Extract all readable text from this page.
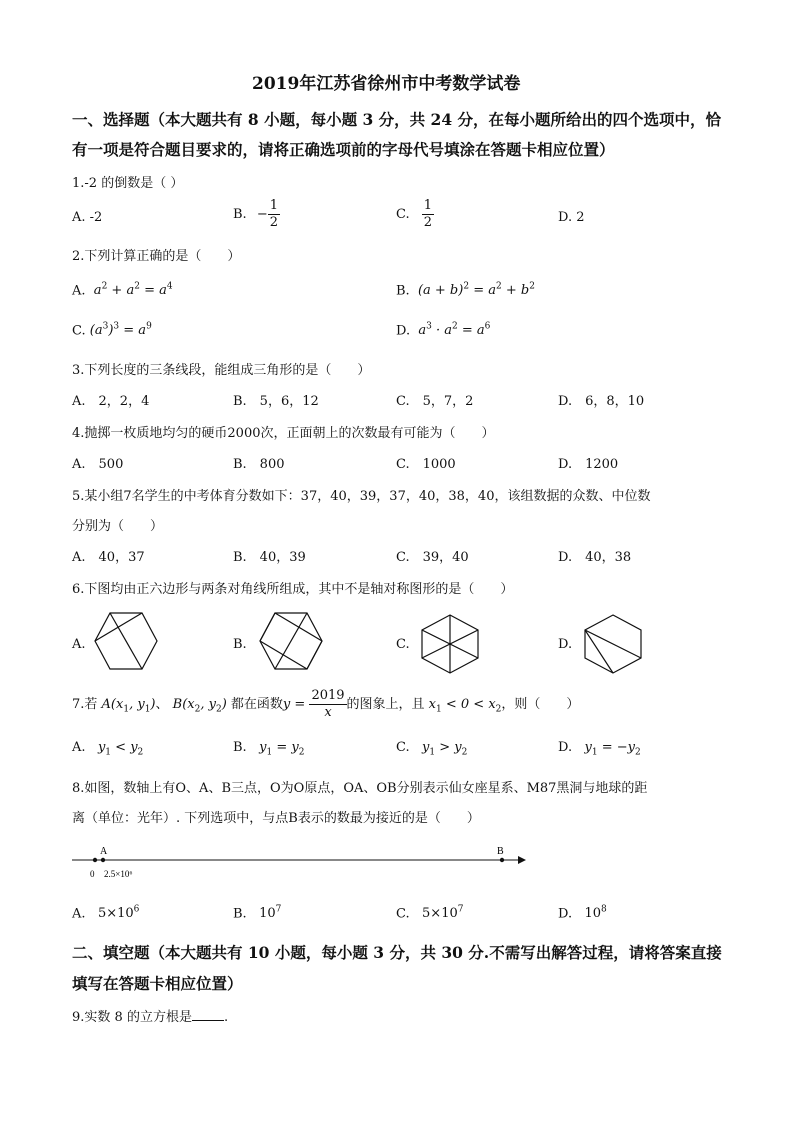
2019年江苏省徐州市中考数学试卷
一、选择题（本大题共有 8 小题，每小题 3 分，共 24 分，在每小题所给出的四个选项中，恰
有一项是符合题目要求的，请将正确选项前的字母代号填涂在答题卡相应位置）
1.-2 的倒数是（ ）
A. -2	B. − $\frac{1}{2}$	C. $\frac{1}{2}$	D. 2
2.下列计算正确的是（　　）
A. $a^2 + a^2 = a^4$	B. $(a + b)^2 = a^2 + b^2$
C. $(a^3)^3 = a^9$	D. $a^3 \cdot a^2 = a^6$
3.下列长度的三条线段，能组成三角形的是（　　）
A.　2，2，4	B.　5，6，12	C.　5，7，2	D.　6，8，10
4.抛掷一枚质地均匀的硬币2000次，正面朝上的次数最有可能为（　　）
A.　500	B.　800	C.　1000	D.　1200
5.某小组7名学生的中考体育分数如下：37，40，39，37，40，38，40，该组数据的众数、中位数
分别为（　　）
A.　40，37	B.　40，39	C.　39，40	D.　40，38
6.下图均由正六边形与两条对角线所组成，其中不是轴对称图形的是（　　）
A.	B.	C.	D.
7.若 $A(x_1$, $y_1$)、 $B(x_2$, $y_2$) 都在函数$y = \frac{2019}{x}$ 的图象上，且 $x_1 < 0 < x_2$，则（　　）
A. $y_1 < y_2$	B. $y_1 = y_2$	C. $y_1 > y_2$	D. $y_1 = -y_2$
8.如图，数轴上有O、A、B三点，O为O原点，OA、OB分别表示仙女座星系、M87黑洞与地球的距
离（单位：光年）. 下列选项中，与点B表示的数最为接近的是（　　）
A	B
0 2.5×10⁶
A. $5\times 10^6$	B. $10^7$	C. $5\times 10^7$	D. $10^8$
二、填空题（本大题共有 10 小题，每小题 3 分，共 30 分.不需写出解答过程，请将答案直接
填写在答题卡相应位置）
9.实数 8 的立方根是 .
